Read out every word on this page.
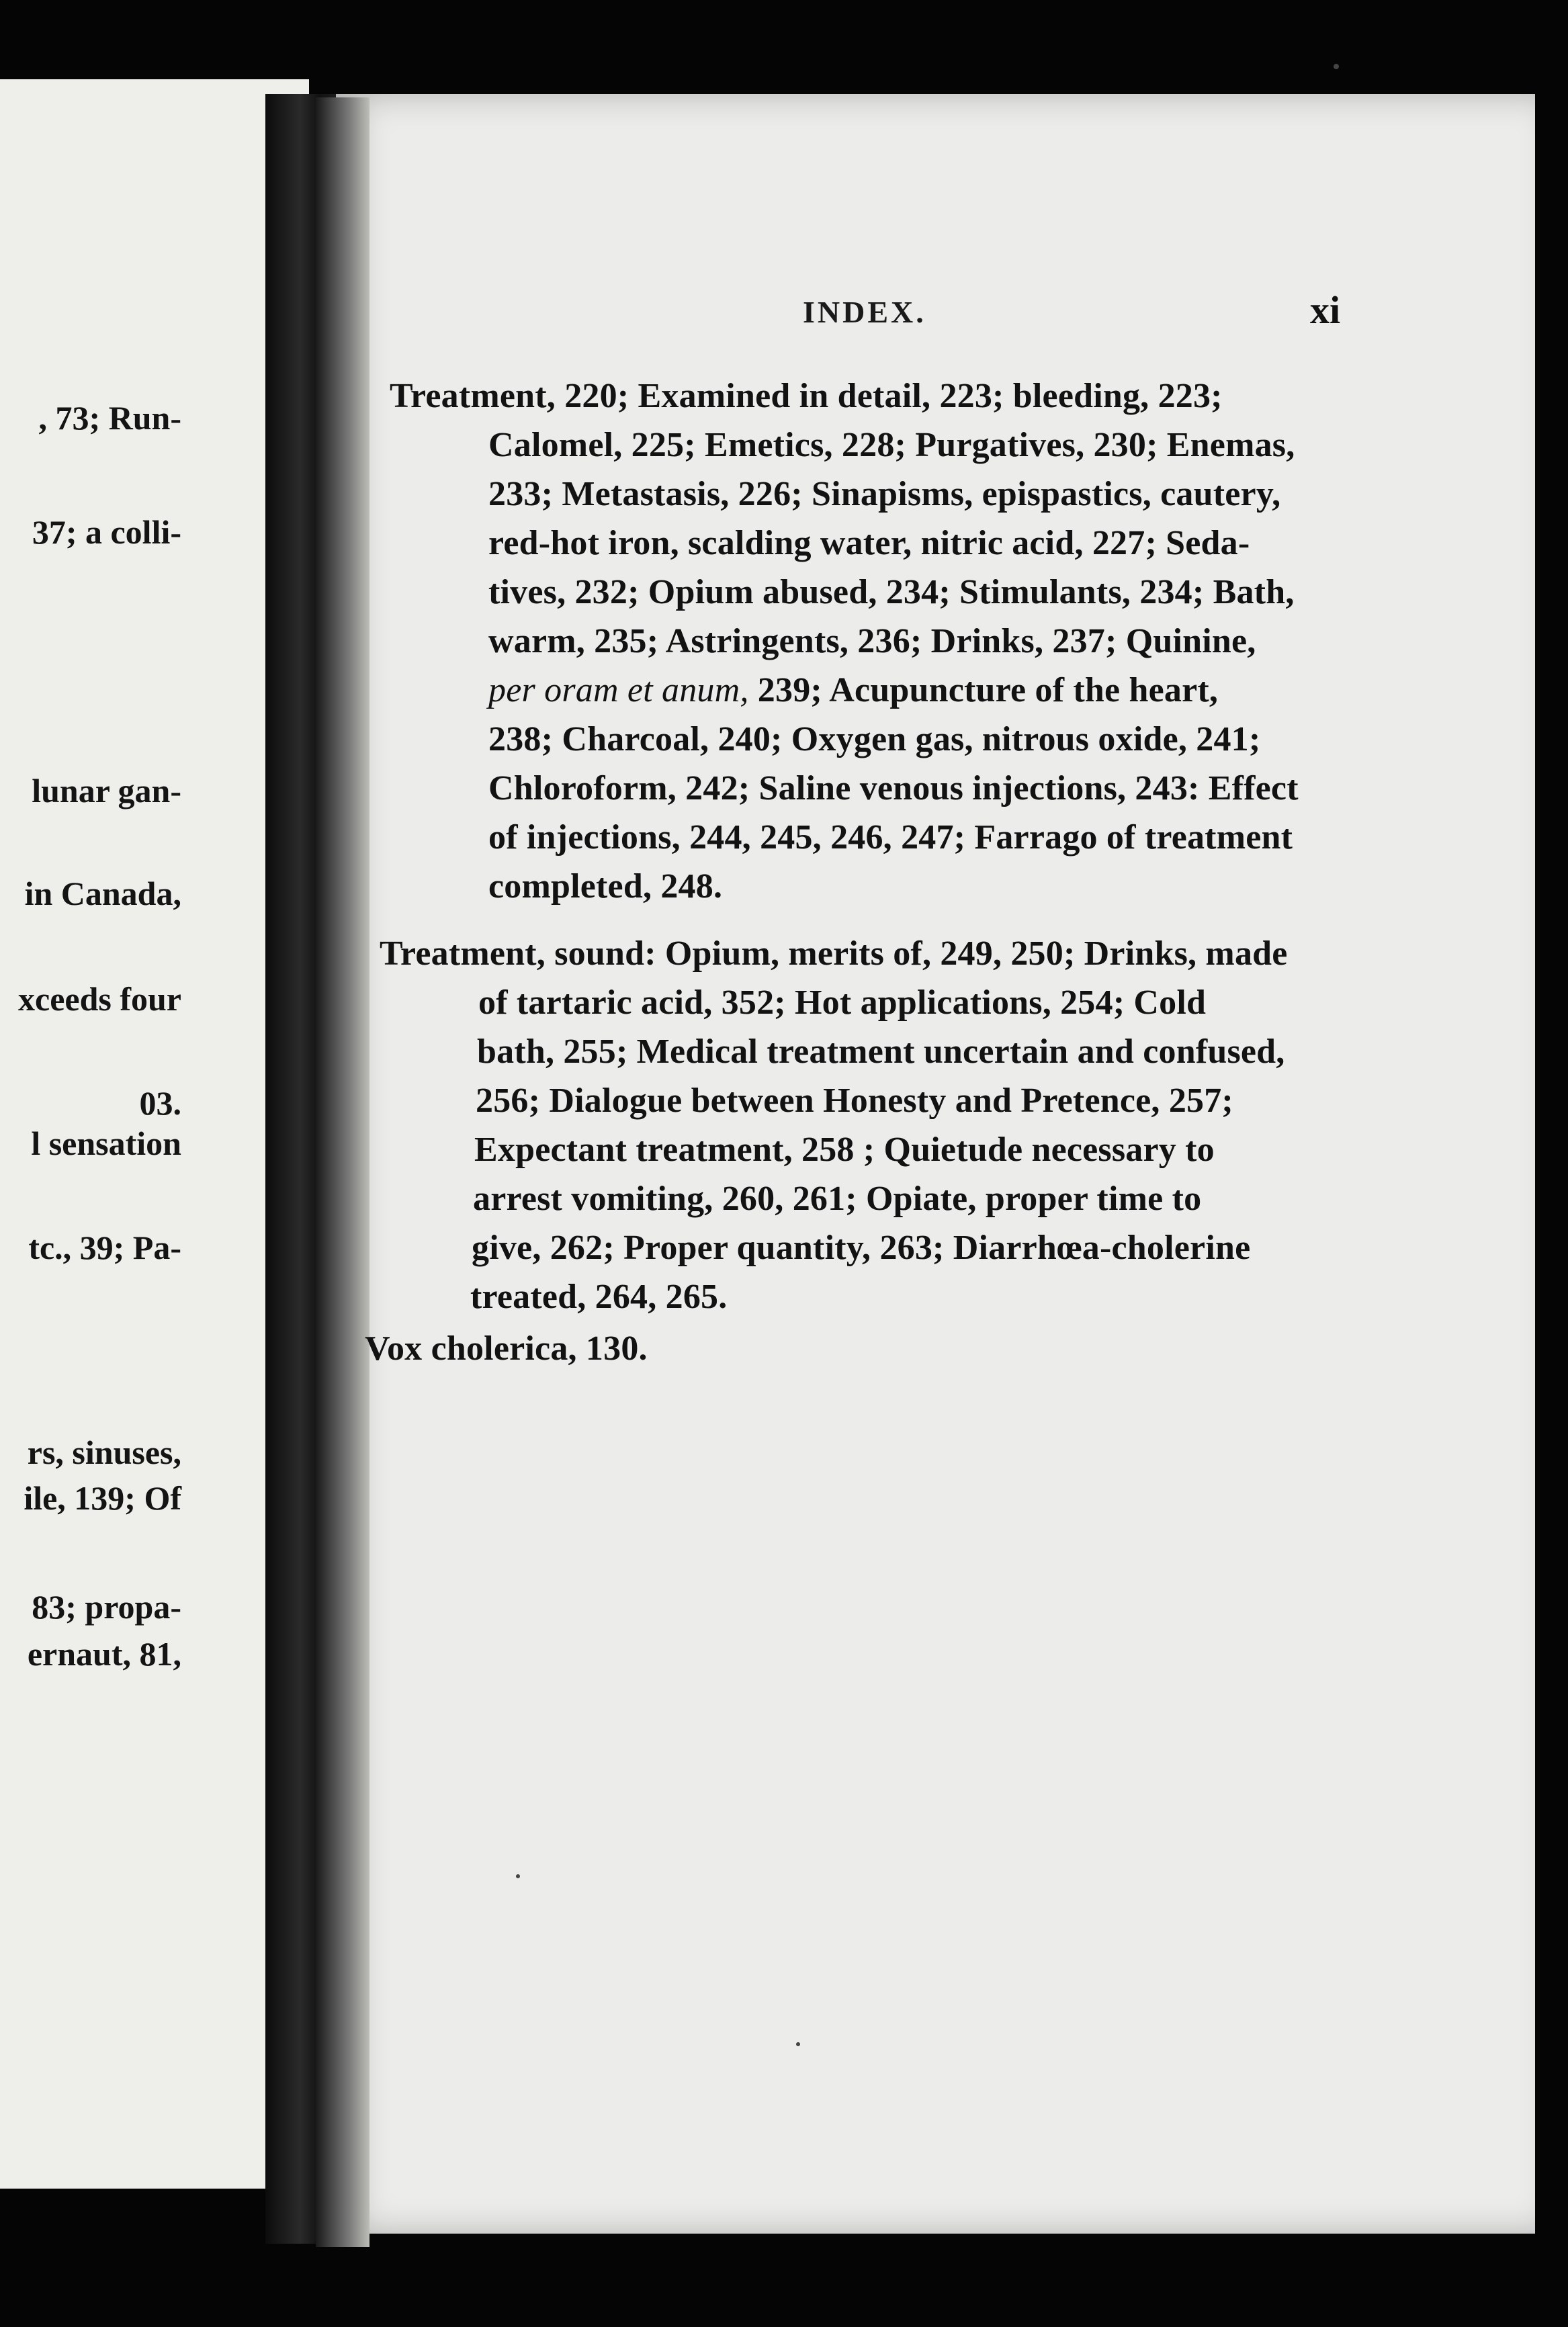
, 73; Run-
37; a colli-
lunar gan-
in Canada,
xceeds four
03.
l sensation
tc., 39; Pa-
rs, sinuses,
ile, 139; Of
83; propa-
ernaut, 81,
INDEX.	xi
Treatment, 220; Examined in detail, 223; bleeding, 223;
Calomel, 225; Emetics, 228; Purgatives, 230; Enemas,
233; Metastasis, 226; Sinapisms, epispastics, cautery,
red-hot iron, scalding water, nitric acid, 227; Seda-
tives, 232; Opium abused, 234; Stimulants, 234; Bath,
warm, 235; Astringents, 236; Drinks, 237; Quinine,
per oram et anum, 239; Acupuncture of the heart,
238; Charcoal, 240; Oxygen gas, nitrous oxide, 241;
Chloroform, 242; Saline venous injections, 243: Effect
of injections, 244, 245, 246, 247; Farrago of treatment
completed, 248.
Treatment, sound: Opium, merits of, 249, 250; Drinks, made
of tartaric acid, 352; Hot applications, 254; Cold
bath, 255; Medical treatment uncertain and confused,
256; Dialogue between Honesty and Pretence, 257;
Expectant treatment, 258 ; Quietude necessary to
arrest vomiting, 260, 261; Opiate, proper time to
give, 262; Proper quantity, 263; Diarrhœa-cholerine
treated, 264, 265.
Vox cholerica, 130.
